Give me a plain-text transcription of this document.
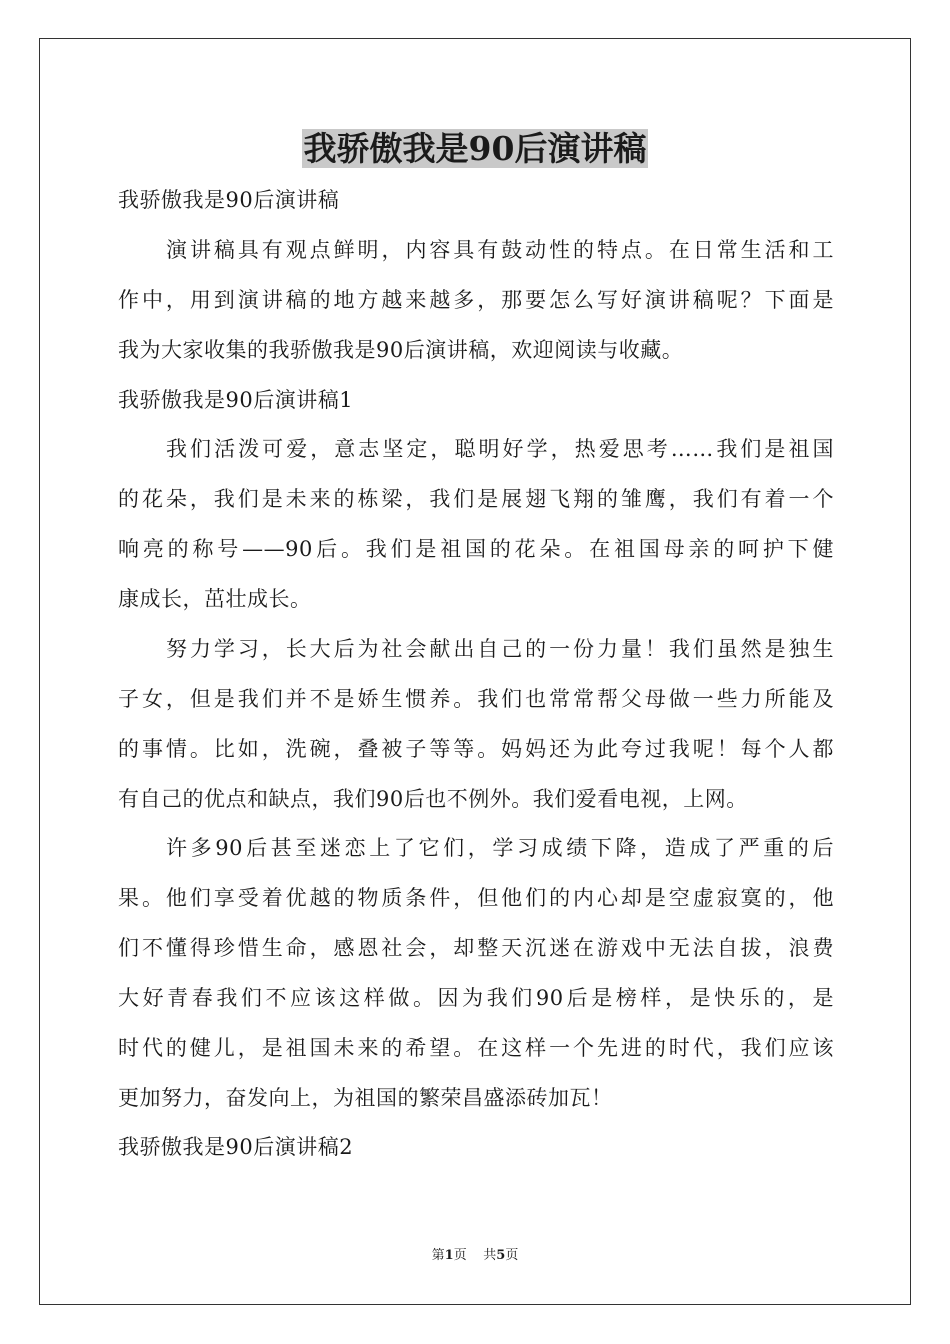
我骄傲我是90后演讲稿
我骄傲我是90后演讲稿
演讲稿具有观点鲜明，内容具有鼓动性的特点。在日常生活和工
作中，用到演讲稿的地方越来越多，那要怎么写好演讲稿呢？下面是
我为大家收集的我骄傲我是90后演讲稿，欢迎阅读与收藏。
我骄傲我是90后演讲稿1
我们活泼可爱，意志坚定，聪明好学，热爱思考……我们是祖国
的花朵，我们是未来的栋梁，我们是展翅飞翔的雏鹰，我们有着一个
响亮的称号——90后。我们是祖国的花朵。在祖国母亲的呵护下健
康成长，茁壮成长。
努力学习，长大后为社会献出自己的一份力量！我们虽然是独生
子女，但是我们并不是娇生惯养。我们也常常帮父母做一些力所能及
的事情。比如，洗碗，叠被子等等。妈妈还为此夸过我呢！每个人都
有自己的优点和缺点，我们90后也不例外。我们爱看电视，上网。
许多90后甚至迷恋上了它们，学习成绩下降，造成了严重的后
果。他们享受着优越的物质条件，但他们的内心却是空虚寂寞的，他
们不懂得珍惜生命，感恩社会，却整天沉迷在游戏中无法自拔，浪费
大好青春我们不应该这样做。因为我们90后是榜样，是快乐的，是
时代的健儿，是祖国未来的希望。在这样一个先进的时代，我们应该
更加努力，奋发向上，为祖国的繁荣昌盛添砖加瓦！
我骄傲我是90后演讲稿2
第1页 共5页
